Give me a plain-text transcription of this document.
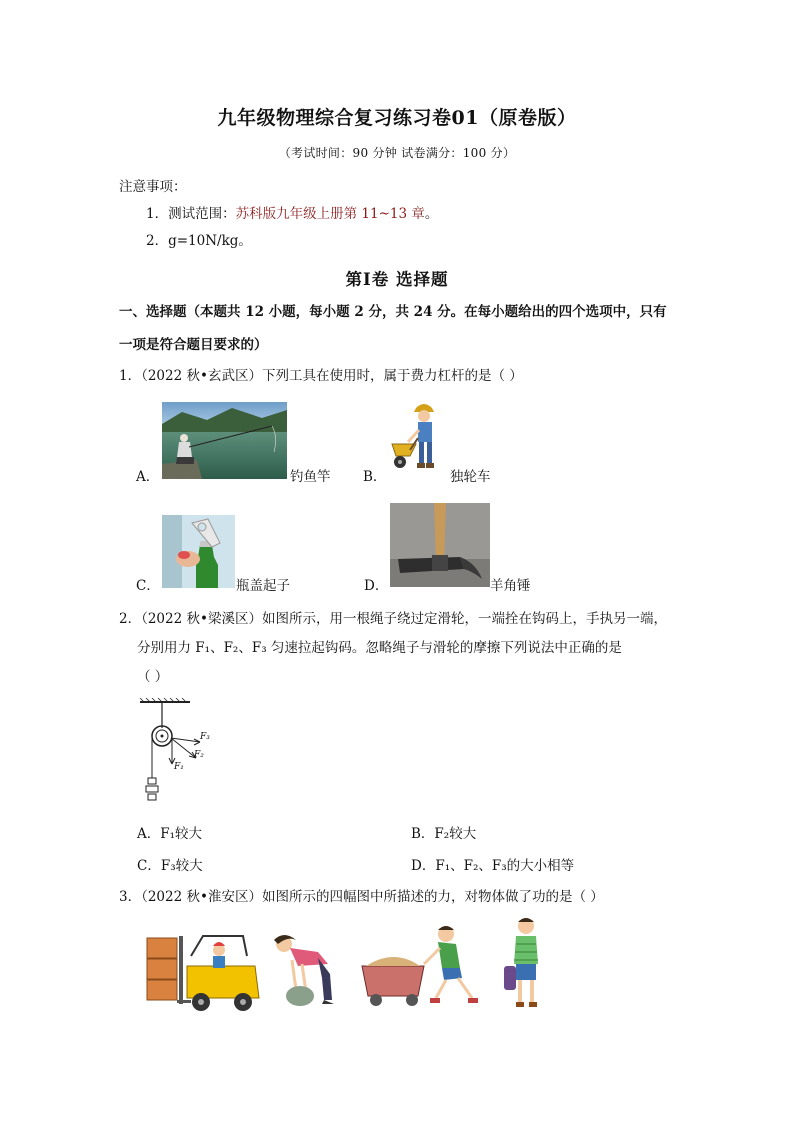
九年级物理综合复习练习卷01（原卷版）
（考试时间：90 分钟 试卷满分：100 分）
注意事项：
1．测试范围：苏科版九年级上册第 11~13 章。
2．g=10N/kg。
第Ⅰ卷 选择题
一、选择题（本题共 12 小题，每小题 2 分，共 24 分。在每小题给出的四个选项中，只有
一项是符合题目要求的）
1．（2022 秋•玄武区）下列工具在使用时，属于费力杠杆的是（ ）
A．	钓鱼竿 B．	独轮车
C．	瓶盖起子	D．	羊角锤
2．（2022 秋•梁溪区）如图所示，用一根绳子绕过定滑轮，一端拴在钩码上，手执另一端，
分别用力 F₁、F₂、F₃ 匀速拉起钩码。忽略绳子与滑轮的摩擦下列说法中正确的是
（ ）
F₁
F₂
F₃
A．F₁较大	B．F₂较大
C．F₃较大	D．F₁、F₂、F₃的大小相等
3．（2022 秋•淮安区）如图所示的四幅图中所描述的力，对物体做了功的是（ ）
